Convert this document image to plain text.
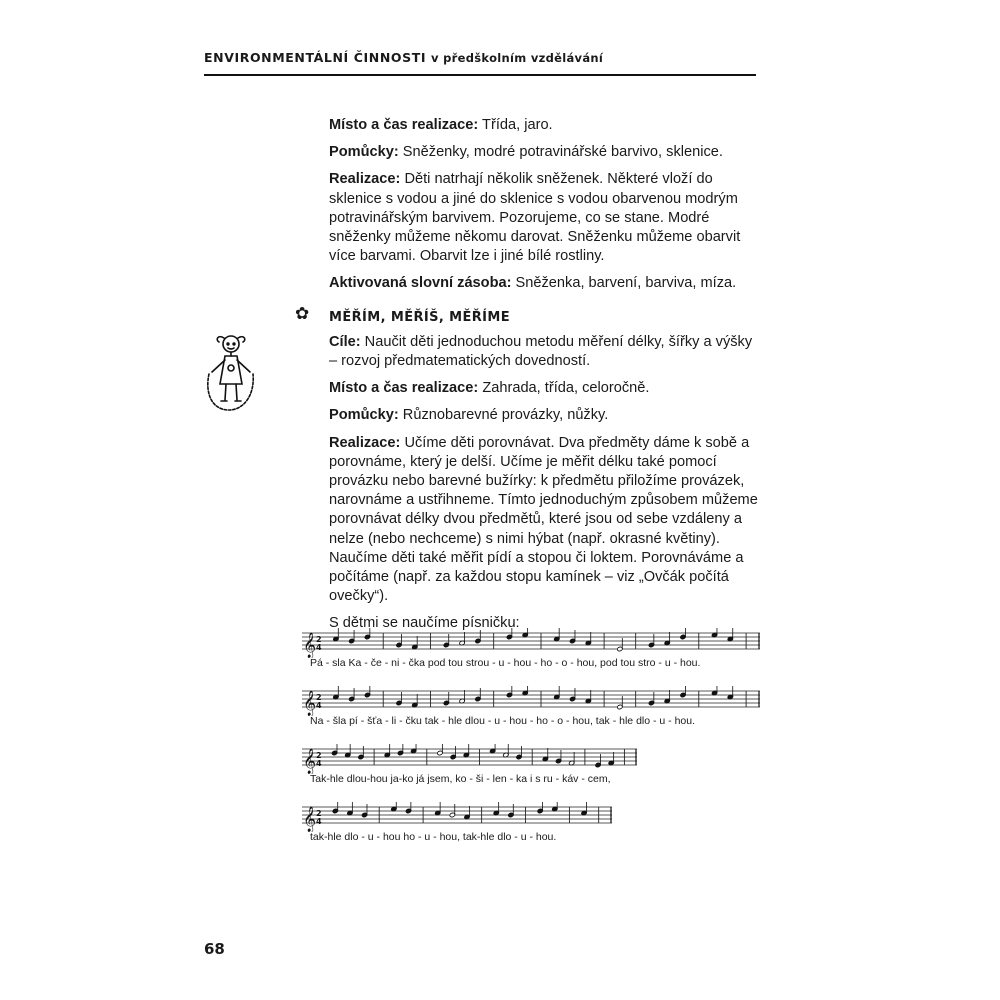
ENVIRONMENTÁLNÍ ČINNOSTI v předškolním vzdělávání

Místo a čas realizace: Třída, jaro.

Pomůcky: Sněženky, modré potravinářské barvivo, sklenice.

Realizace: Děti natrhají několik sněženek. Některé vloží do sklenice s vodou a jiné do sklenice s vodou obarvenou modrým potravinářským barvivem. Pozorujeme, co se stane. Modré sněženky můžeme někomu darovat. Sněženku můžeme obarvit více barvami. Obarvit lze i jiné bílé rostliny.

Aktivovaná slovní zásoba: Sněženka, barvení, barviva, míza.

✿ MĚŘÍM, MĚŘÍŠ, MĚŘÍME

Cíle: Naučit děti jednoduchou metodu měření délky, šířky a výšky – rozvoj předmatematických dovedností.

Místo a čas realizace: Zahrada, třída, celoročně.

Pomůcky: Různobarevné provázky, nůžky.

Realizace: Učíme děti porovnávat. Dva předměty dáme k sobě a porovnáme, který je delší. Učíme je měřit délku také pomocí provázku nebo barevné bužírky: k předmětu přiložíme provázek, narovnáme a ustřihneme. Tímto jednoduchým způsobem můžeme porovnávat délky dvou předmětů, které jsou od sebe vzdáleny a nelze (nebo nechceme) s nimi hýbat (např. okrasné květiny). Naučíme děti také měřit pídí a stopou či loktem. Porovnáváme a počítáme (např. za každou stopu kamínek – viz „Ovčák počítá ovečky“).

S dětmi se naučíme písničku:

𝄞 2
4
Pá - sla Ka - če - ni - čka pod tou strou - u - hou - ho - o - hou, pod tou stro - u - hou.
𝄞 2
4
Na - šla pí - šťa - li - čku tak - hle dlou - u - hou - ho - o - hou, tak - hle dlo - u - hou.
𝄞 2
4
Tak-hle dlou-hou ja-ko já jsem, ko - ši - len - ka i s ru - káv - cem,
𝄞 2
4
tak-hle dlo - u - hou ho - u - hou, tak-hle dlo - u - hou.
68
